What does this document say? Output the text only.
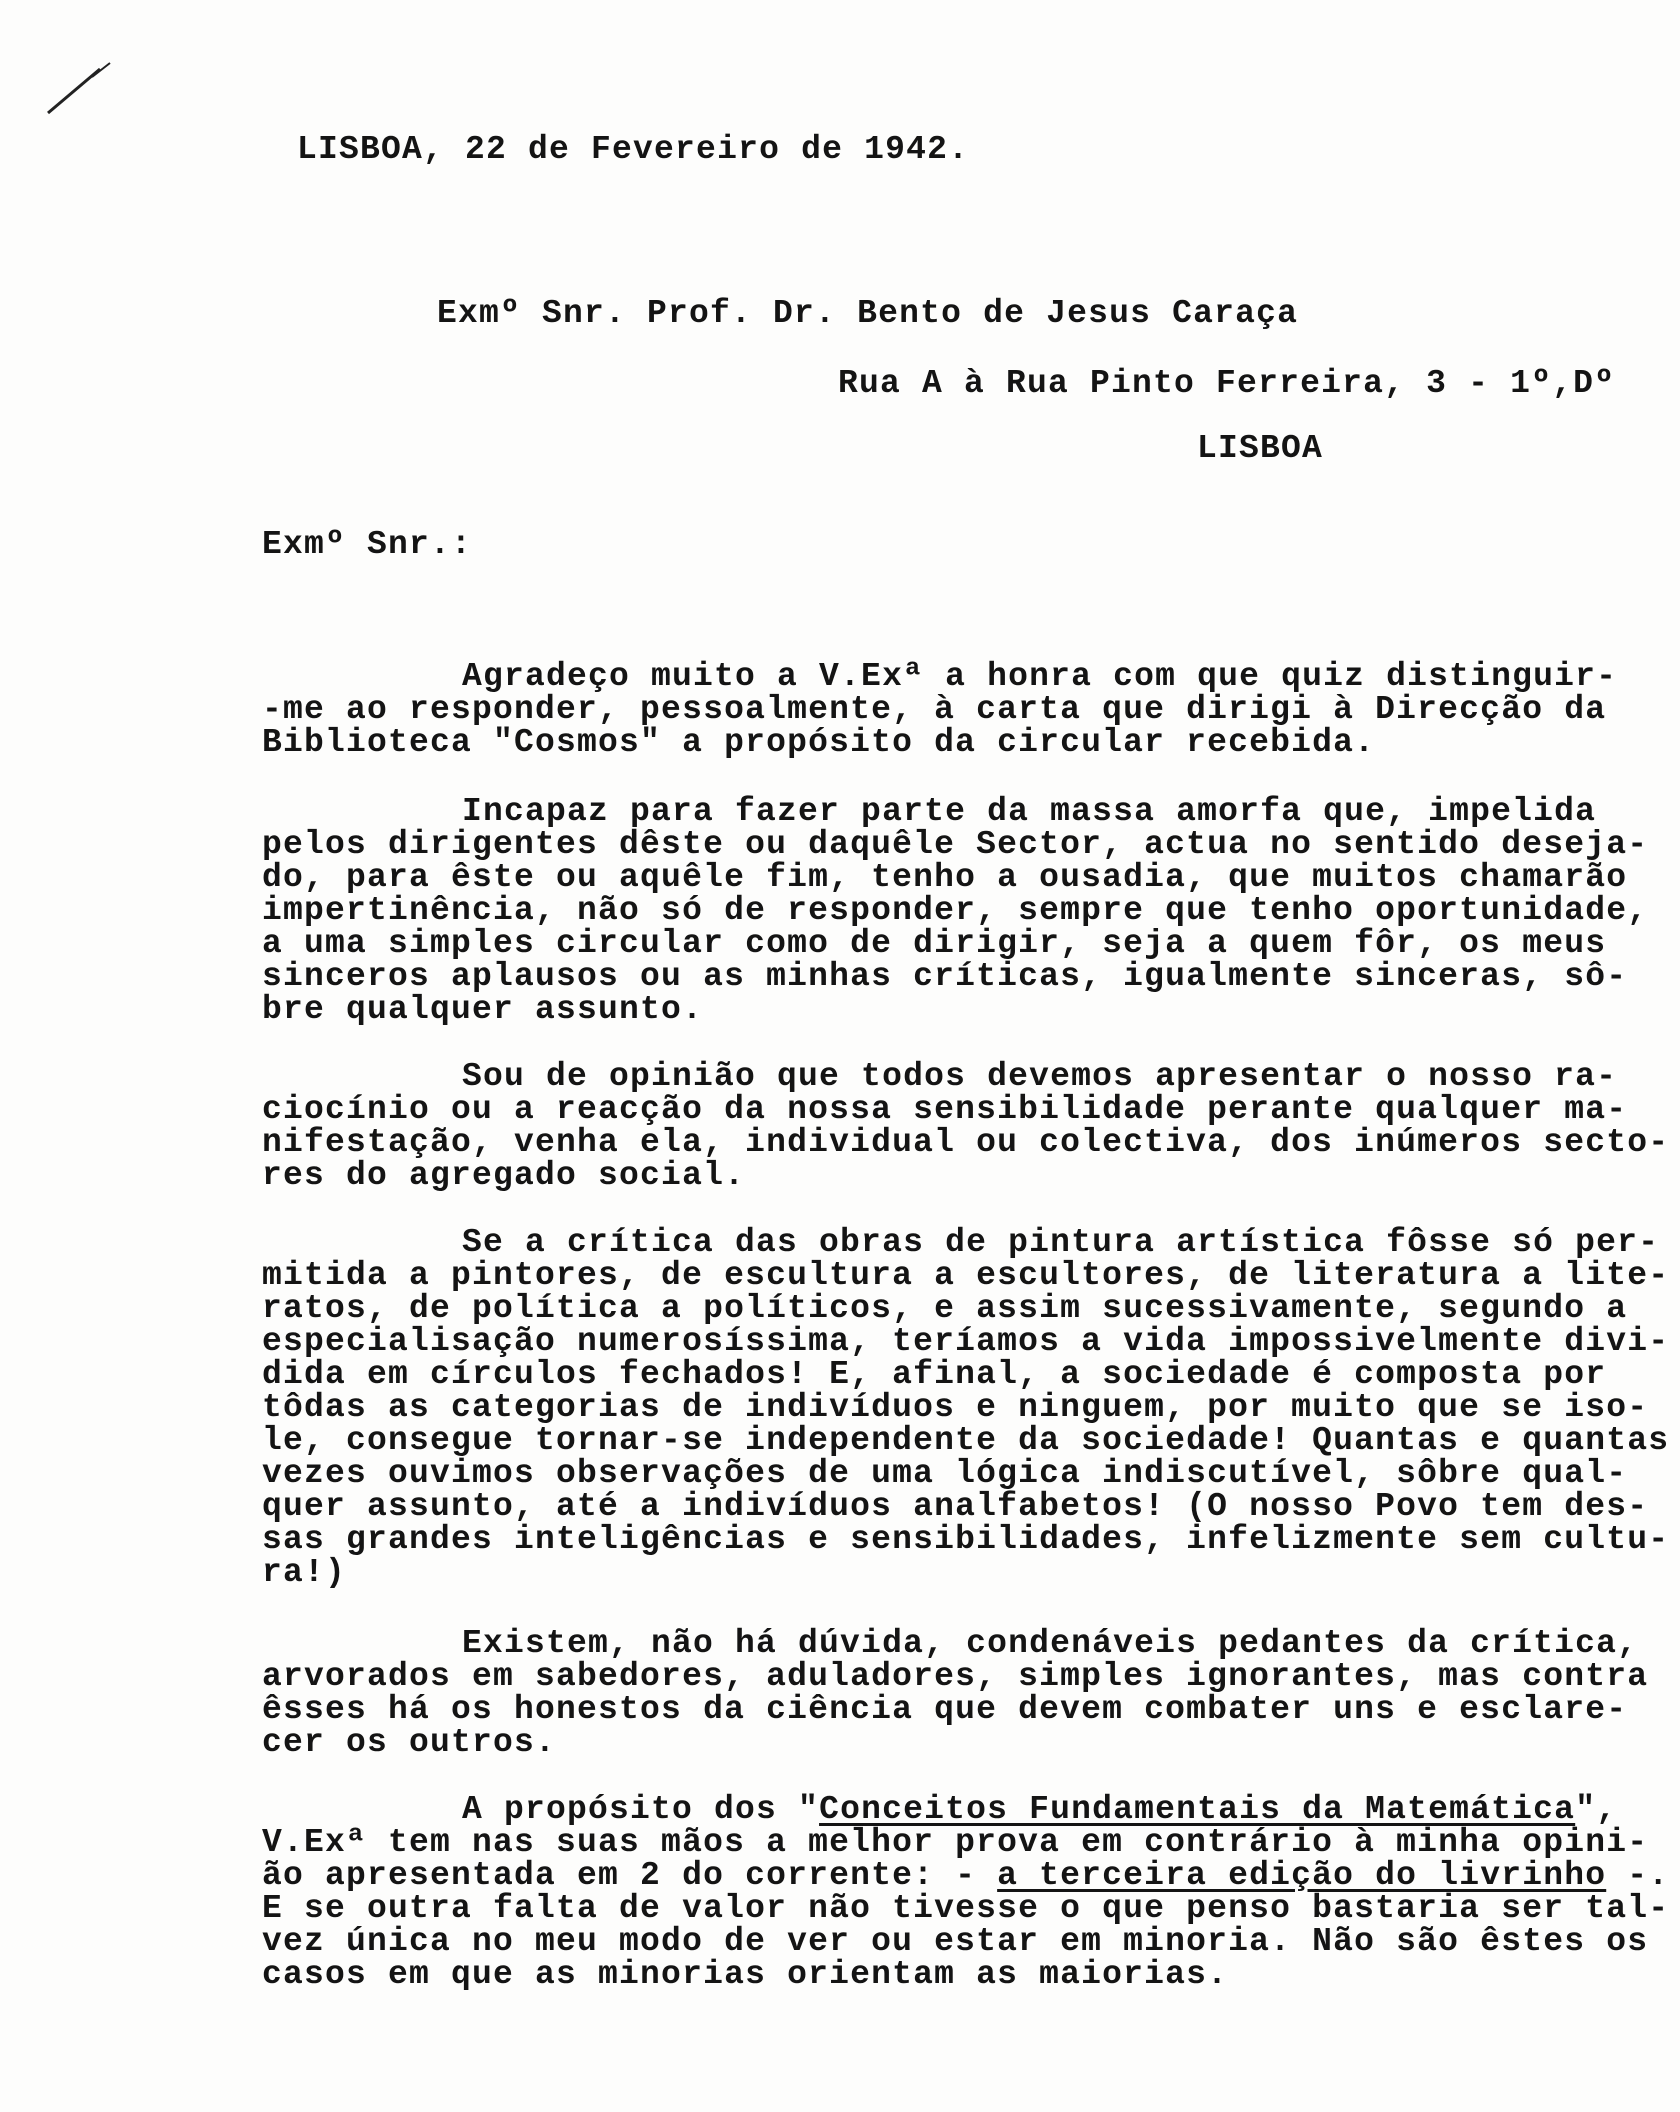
LISBOA, 22 de Fevereiro de 1942.
Exmº Snr. Prof. Dr. Bento de Jesus Caraça
Rua A à Rua Pinto Ferreira, 3 - 1º,Dº
LISBOA
Exmº Snr.:
Agradeço muito a V.Exª a honra com que quiz distinguir-
-me ao responder, pessoalmente, à carta que dirigi à Direcção da
Biblioteca "Cosmos" a propósito da circular recebida.
Incapaz para fazer parte da massa amorfa que, impelida
pelos dirigentes dêste ou daquêle Sector, actua no sentido deseja-
do, para êste ou aquêle fim, tenho a ousadia, que muitos chamarão
impertinência, não só de responder, sempre que tenho oportunidade,
a uma simples circular como de dirigir, seja a quem fôr, os meus
sinceros aplausos ou as minhas críticas, igualmente sinceras, sô-
bre qualquer assunto.
Sou de opinião que todos devemos apresentar o nosso ra-
ciocínio ou a reacção da nossa sensibilidade perante qualquer ma-
nifestação, venha ela, individual ou colectiva, dos inúmeros secto-
res do agregado social.
Se a crítica das obras de pintura artística fôsse só per-
mitida a pintores, de escultura a escultores, de literatura a lite-
ratos, de política a políticos, e assim sucessivamente, segundo a
especialisação numerosíssima, teríamos a vida impossivelmente divi-
dida em círculos fechados! E, afinal, a sociedade é composta por
tôdas as categorias de indivíduos e ninguem, por muito que se iso-
le, consegue tornar-se independente da sociedade! Quantas e quantas
vezes ouvimos observações de uma lógica indiscutível, sôbre qual-
quer assunto, até a indivíduos analfabetos! (O nosso Povo tem des-
sas grandes inteligências e sensibilidades, infelizmente sem cultu-
ra!)
Existem, não há dúvida, condenáveis pedantes da crítica,
arvorados em sabedores, aduladores, simples ignorantes, mas contra
êsses há os honestos da ciência que devem combater uns e esclare-
cer os outros.
A propósito dos "Conceitos Fundamentais da Matemática",
V.Exª tem nas suas mãos a melhor prova em contrário à minha opini-
ão apresentada em 2 do corrente: - a terceira edição do livrinho -.
E se outra falta de valor não tivesse o que penso bastaria ser tal-
vez única no meu modo de ver ou estar em minoria. Não são êstes os
casos em que as minorias orientam as maiorias.
